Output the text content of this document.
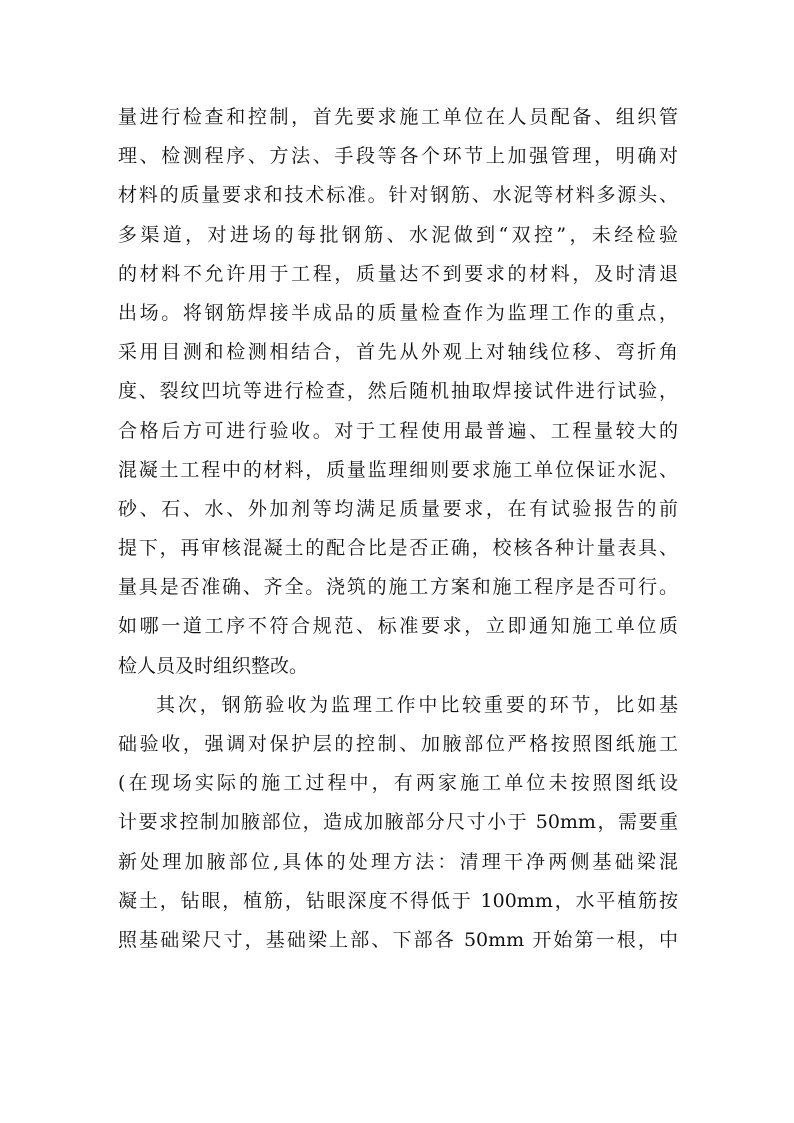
量进行检查和控制，首先要求施工单位在人员配备、组织管
理、检测程序、方法、手段等各个环节上加强管理，明确对
材料的质量要求和技术标准。针对钢筋、水泥等材料多源头、
多渠道，对进场的每批钢筋、水泥做到“双控”，未经检验
的材料不允许用于工程，质量达不到要求的材料，及时清退
出场。将钢筋焊接半成品的质量检查作为监理工作的重点，
采用目测和检测相结合，首先从外观上对轴线位移、弯折角
度、裂纹凹坑等进行检查，然后随机抽取焊接试件进行试验，
合格后方可进行验收。对于工程使用最普遍、工程量较大的
混凝土工程中的材料，质量监理细则要求施工单位保证水泥、
砂、石、水、外加剂等均满足质量要求，在有试验报告的前
提下，再审核混凝土的配合比是否正确，校核各种计量表具、
量具是否准确、齐全。浇筑的施工方案和施工程序是否可行。
如哪一道工序不符合规范、标准要求，立即通知施工单位质
检人员及时组织整改。
其次，钢筋验收为监理工作中比较重要的环节，比如基
础验收，强调对保护层的控制、加腋部位严格按照图纸施工
(在现场实际的施工过程中，有两家施工单位未按照图纸设
计要求控制加腋部位，造成加腋部分尺寸小于 50mm，需要重
新处理加腋部位,具体的处理方法：清理干净两侧基础梁混
凝土，钻眼，植筋，钻眼深度不得低于 100mm，水平植筋按
照基础梁尺寸，基础梁上部、下部各 50mm 开始第一根，中
